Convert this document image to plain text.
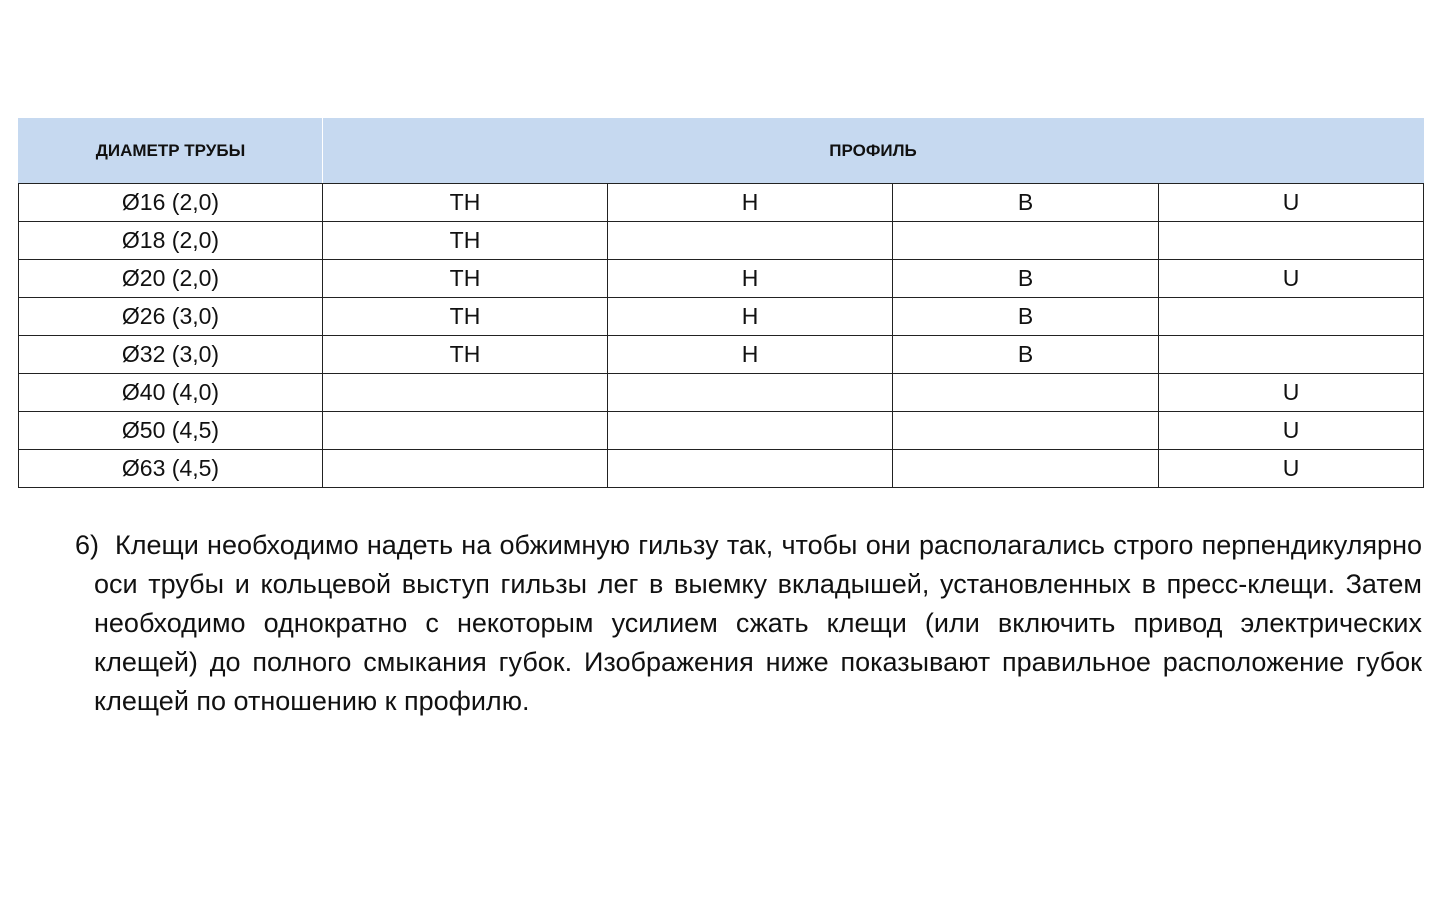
ДИАМЕТР ТРУБЫ	ПРОФИЛЬ			
Ø16 (2,0)	TH	H	B	U
Ø18 (2,0)	TH			
Ø20 (2,0)	TH	H	B	U
Ø26 (3,0)	TH	H	B	
Ø32 (3,0)	TH	H	B	
Ø40 (4,0)				U
Ø50 (4,5)				U
Ø63 (4,5)				U
6) Клещи необходимо надеть на обжимную гильзу так, чтобы они располагались строго перпендикулярно оси трубы и кольцевой выступ гильзы лег в выемку вкладышей, установленных в пресс-клещи. Затем необходимо однократно с некоторым усилием сжать клещи (или включить привод электрических клещей) до полного смыкания губок. Изображения ниже показывают правильное расположение губок клещей по отношению к профилю.
